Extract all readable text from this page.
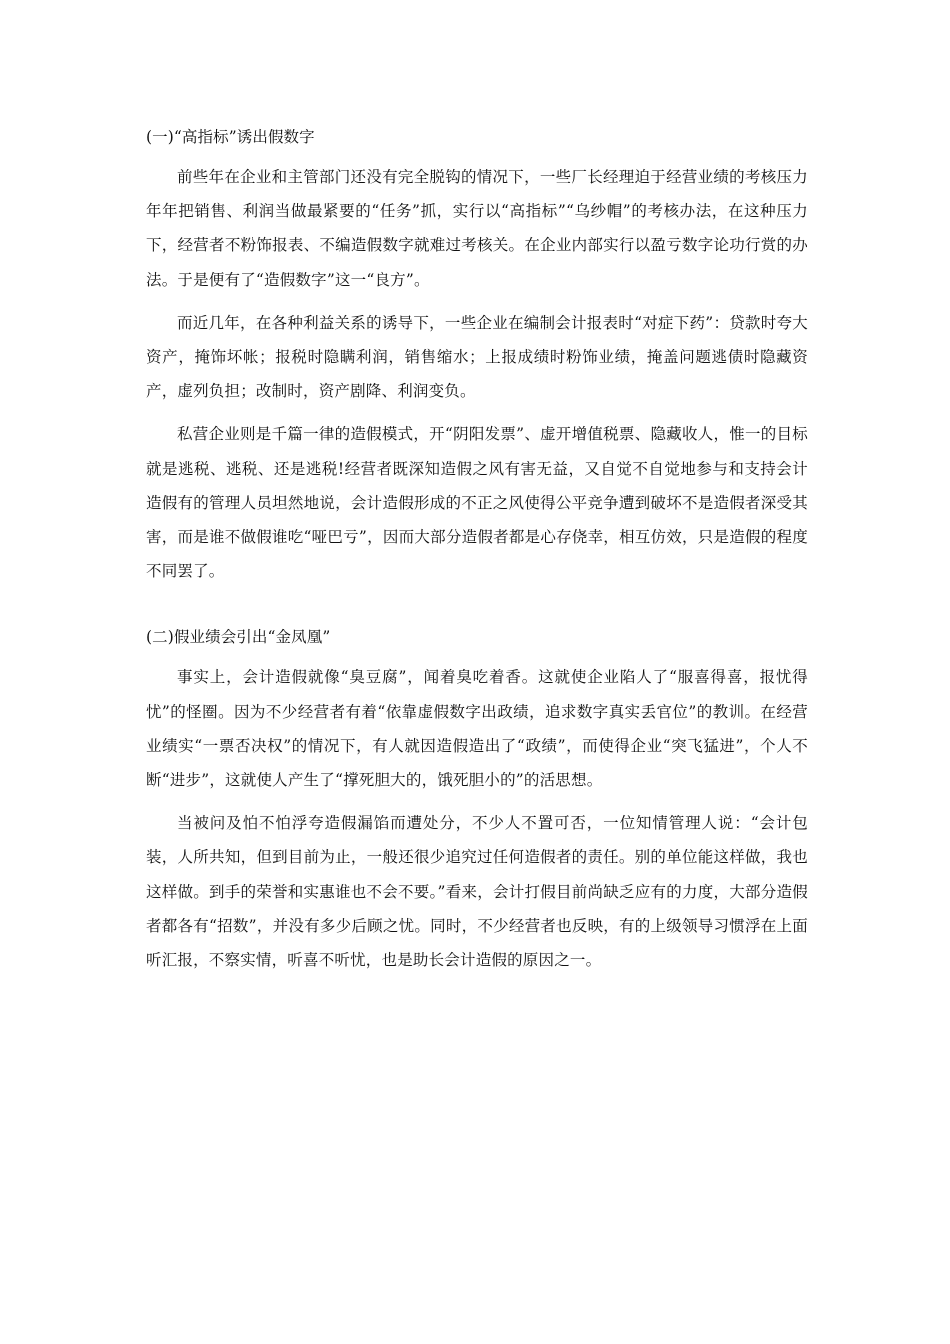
(一)“高指标”诱出假数字

前些年在企业和主管部门还没有完全脱钩的情况下，一些厂长经理迫于经营业绩的考核压力年年把销售、利润当做最紧要的“任务”抓，实行以“高指标”“乌纱帽”的考核办法，在这种压力下，经营者不粉饰报表、不编造假数字就难过考核关。在企业内部实行以盈亏数字论功行赏的办法。于是便有了“造假数字”这一“良方”。

而近几年，在各种利益关系的诱导下，一些企业在编制会计报表时“对症下药”：贷款时夸大资产，掩饰坏帐；报税时隐瞒利润，销售缩水；上报成绩时粉饰业绩，掩盖问题逃债时隐藏资产，虚列负担；改制时，资产剧降、利润变负。

私营企业则是千篇一律的造假模式，开“阴阳发票”、虚开增值税票、隐藏收人，惟一的目标就是逃税、逃税、还是逃税!经营者既深知造假之风有害无益，又自觉不自觉地参与和支持会计造假有的管理人员坦然地说，会计造假形成的不正之风使得公平竞争遭到破坏不是造假者深受其害，而是谁不做假谁吃“哑巴亏”，因而大部分造假者都是心存侥幸，相互仿效，只是造假的程度不同罢了。

(二)假业绩会引出“金凤凰”

事实上，会计造假就像“臭豆腐”，闻着臭吃着香。这就使企业陷人了“服喜得喜，报忧得忧”的怪圈。因为不少经营者有着“依靠虚假数字出政绩，追求数字真实丢官位”的教训。在经营业绩实“一票否决权”的情况下，有人就因造假造出了“政绩”，而使得企业“突飞猛进”，个人不断“进步”，这就使人产生了“撑死胆大的，饿死胆小的”的活思想。

当被问及怕不怕浮夸造假漏馅而遭处分，不少人不置可否，一位知情管理人说：“会计包装，人所共知，但到目前为止，一般还很少追究过任何造假者的责任。别的单位能这样做，我也这样做。到手的荣誉和实惠谁也不会不要。”看来，会计打假目前尚缺乏应有的力度，大部分造假者都各有“招数”，并没有多少后顾之忧。同时，不少经营者也反映，有的上级领导习惯浮在上面听汇报，不察实情，听喜不听忧，也是助长会计造假的原因之一。
